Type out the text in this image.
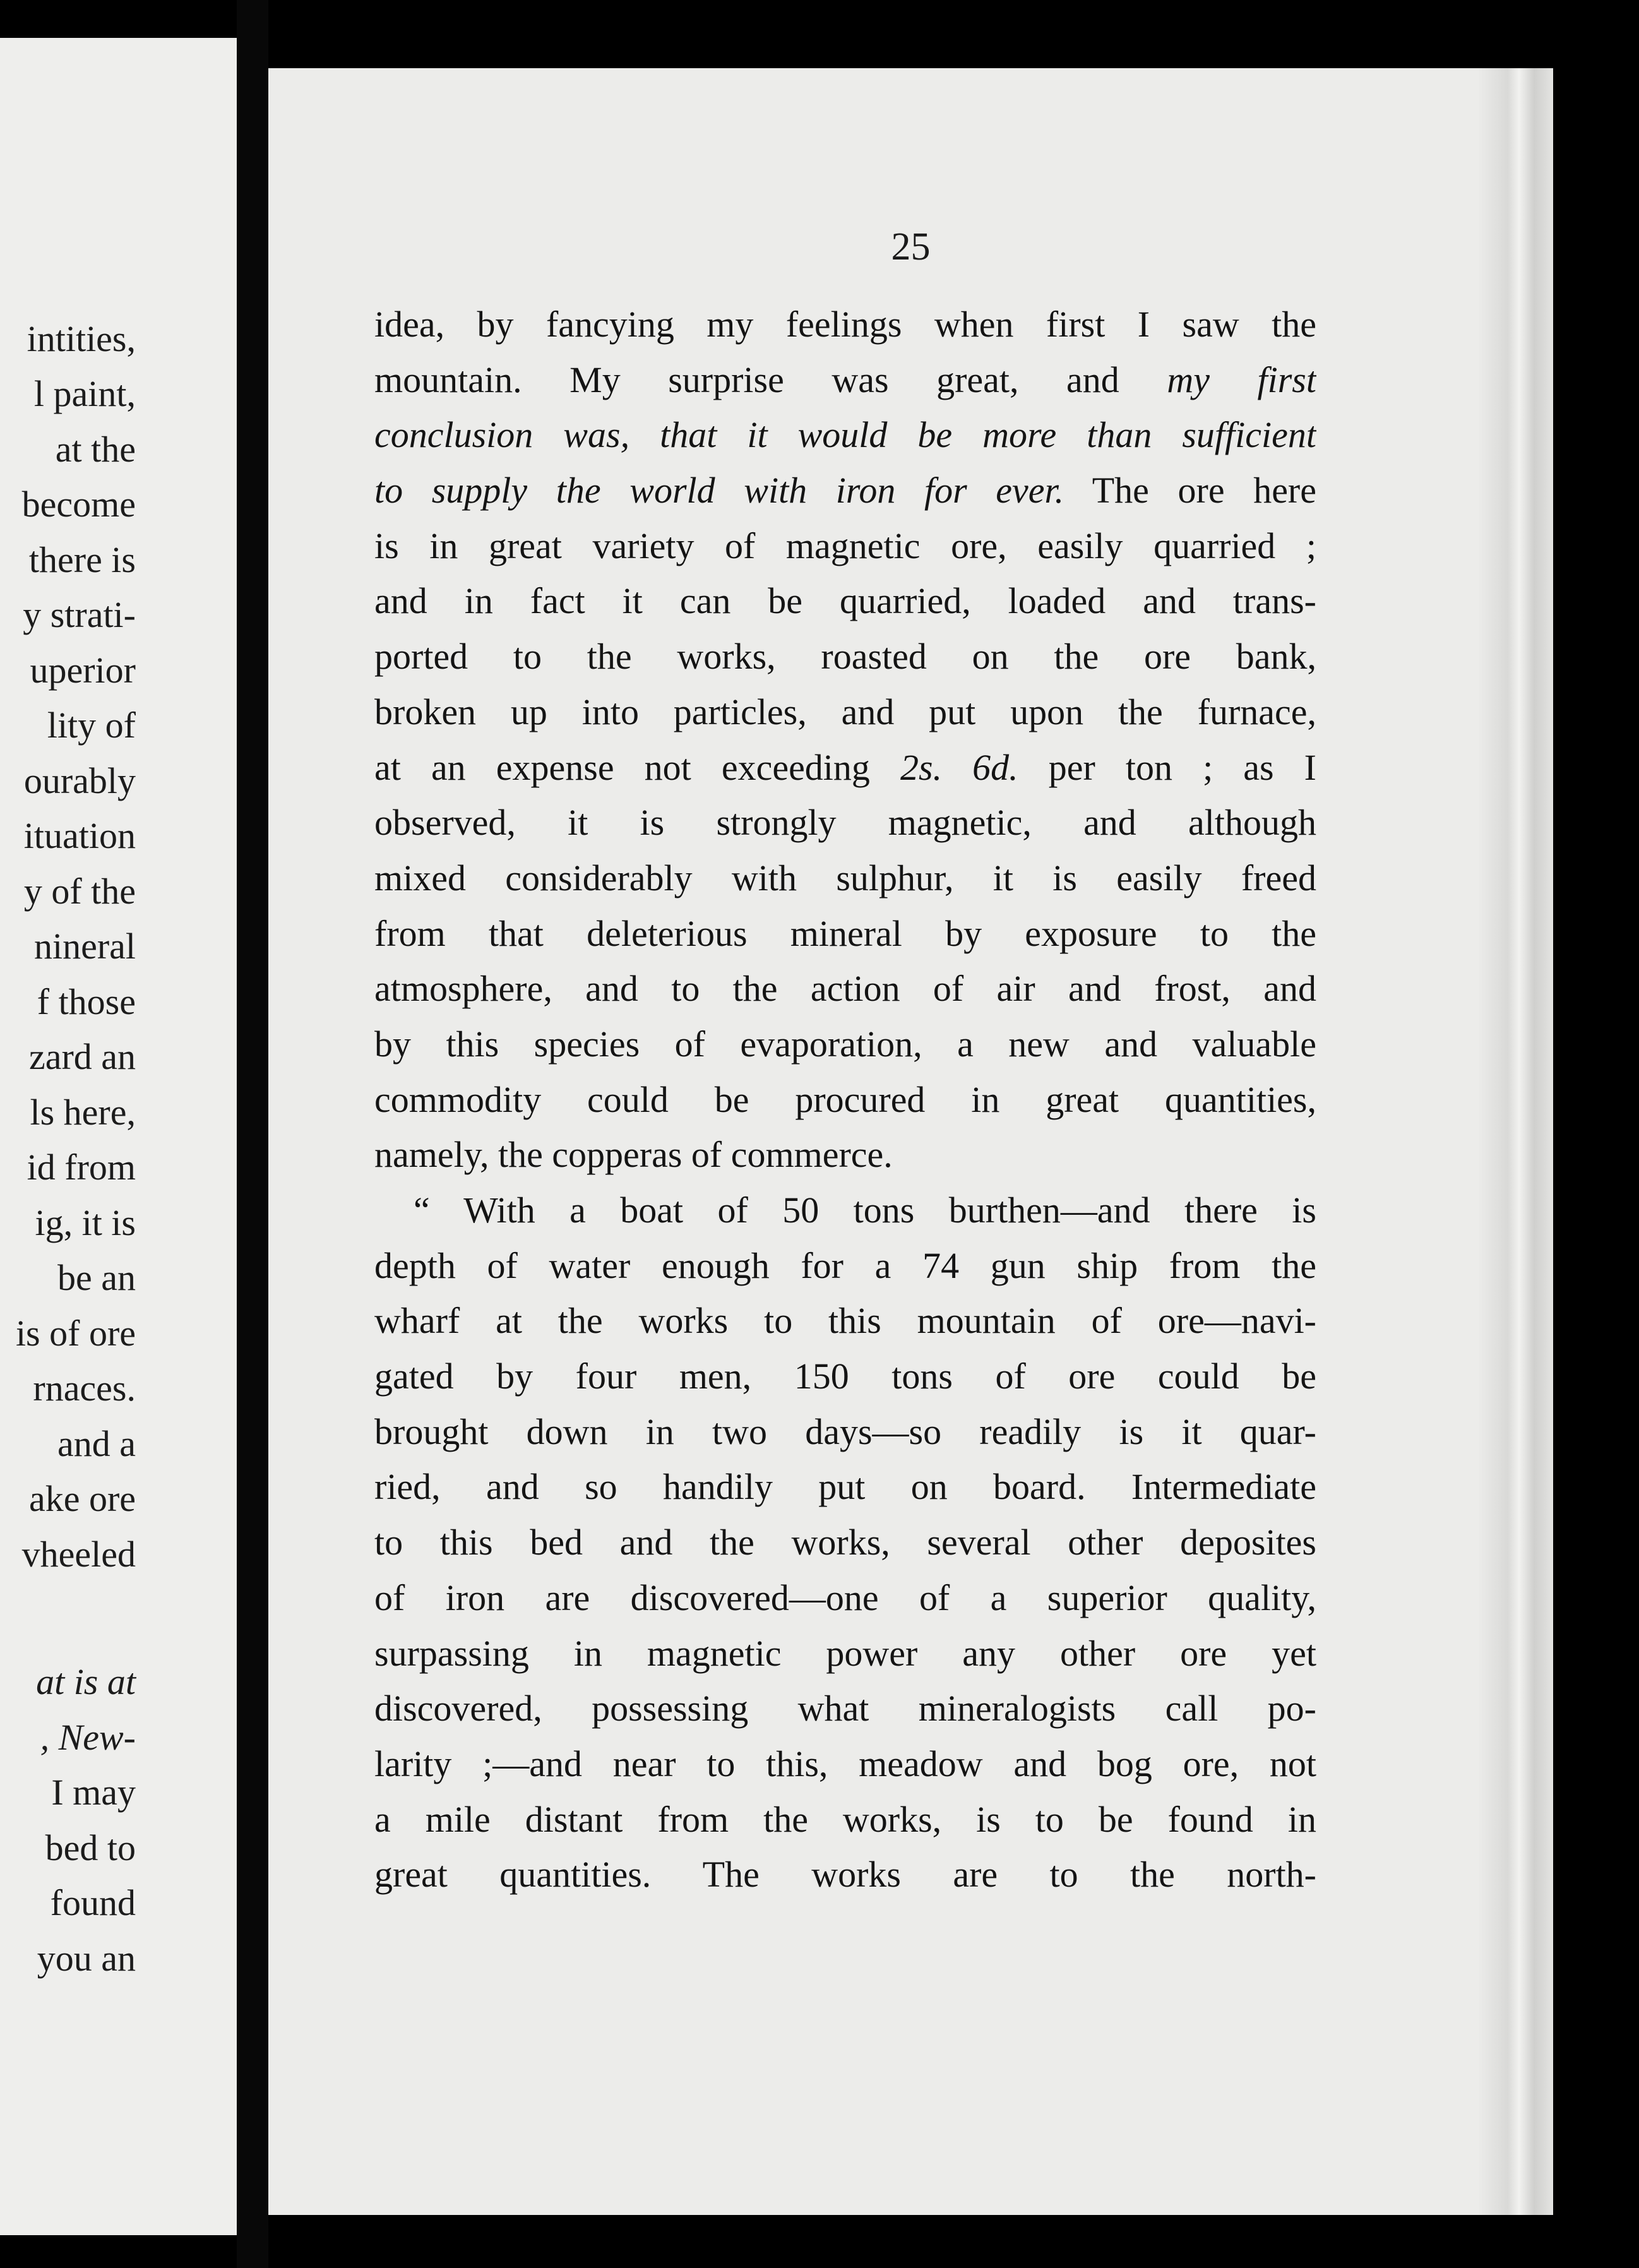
intities,
l paint,
at the
become
there is
y strati-
uperior
lity of
ourably
ituation
y of the
nineral
f those
zard an
ls here,
id from
ig, it is
be an
is of ore
rnaces.
and a
ake ore
vheeled
at is at
, New-
I may
bed to
found
you an
25
idea, by fancying my feelings when first I saw the
mountain. My surprise was great, and my first
conclusion was, that it would be more than sufficient
to supply the world with iron for ever. The ore here
is in great variety of magnetic ore, easily quarried ;
and in fact it can be quarried, loaded and trans-
ported to the works, roasted on the ore bank,
broken up into particles, and put upon the furnace,
at an expense not exceeding 2s. 6d. per ton ; as I
observed, it is strongly magnetic, and although
mixed considerably with sulphur, it is easily freed
from that deleterious mineral by exposure to the
atmosphere, and to the action of air and frost, and
by this species of evaporation, a new and valuable
commodity could be procured in great quantities,
namely, the copperas of commerce.
“ With a boat of 50 tons burthen—and there is
depth of water enough for a 74 gun ship from the
wharf at the works to this mountain of ore—navi-
gated by four men, 150 tons of ore could be
brought down in two days—so readily is it quar-
ried, and so handily put on board. Intermediate
to this bed and the works, several other deposites
of iron are discovered—one of a superior quality,
surpassing in magnetic power any other ore yet
discovered, possessing what mineralogists call po-
larity ;—and near to this, meadow and bog ore, not
a mile distant from the works, is to be found in
great quantities. The works are to the north-
